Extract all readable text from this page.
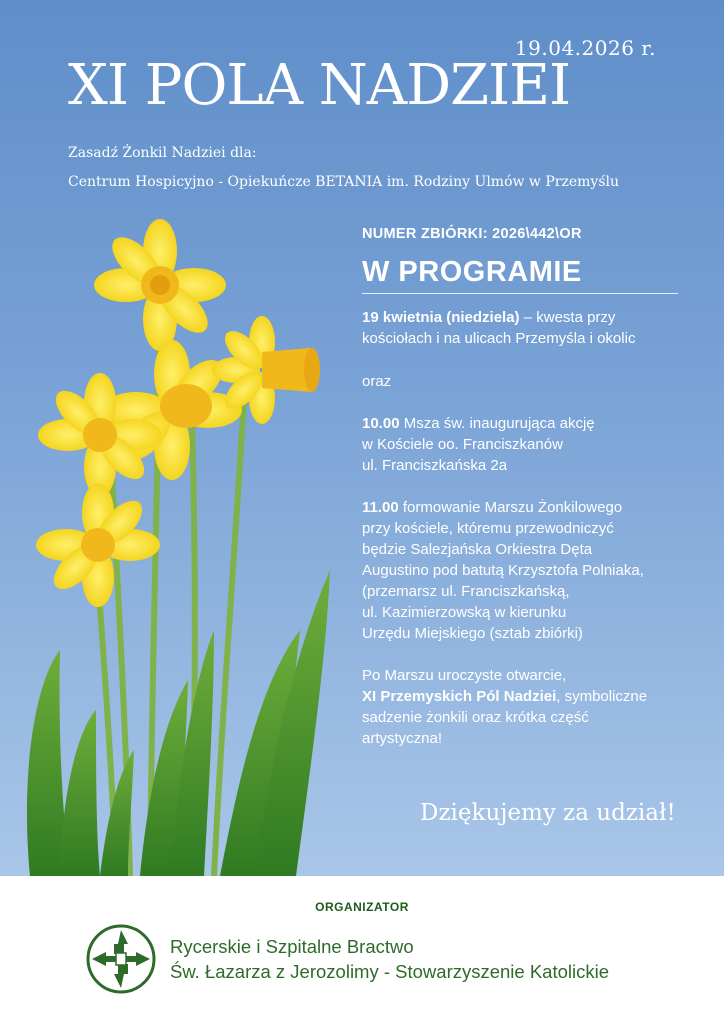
19.04.2026 r.
XI POLA NADZIEI
Zasadź Żonkil Nadziei dla:
Centrum Hospicyjno - Opiekuńcze BETANIA im. Rodziny Ulmów w Przemyślu
NUMER ZBIÓRKI: 2026\442\OR
W PROGRAMIE
19 kwietnia (niedziela) – kwesta przy
kościołach i na ulicach Przemyśla i okolic
oraz
10.00 Msza św. inaugurująca akcję
w Kościele oo. Franciszkanów
ul. Franciszkańska 2a
11.00 formowanie Marszu Żonkilowego
przy kościele, któremu przewodniczyć
będzie Salezjańska Orkiestra Dęta
Augustino pod batutą Krzysztofa Polniaka,
(przemarsz ul. Franciszkańską,
ul. Kazimierzowską w kierunku
Urzędu Miejskiego (sztab zbiórki)
Po Marszu uroczyste otwarcie,
XI Przemyskich Pól Nadziei, symboliczne
sadzenie żonkili oraz krótka część
artystyczna!
Dziękujemy za udział!
ORGANIZATOR
Rycerskie i Szpitalne Bractwo
Św. Łazarza z Jerozolimy - Stowarzyszenie Katolickie
